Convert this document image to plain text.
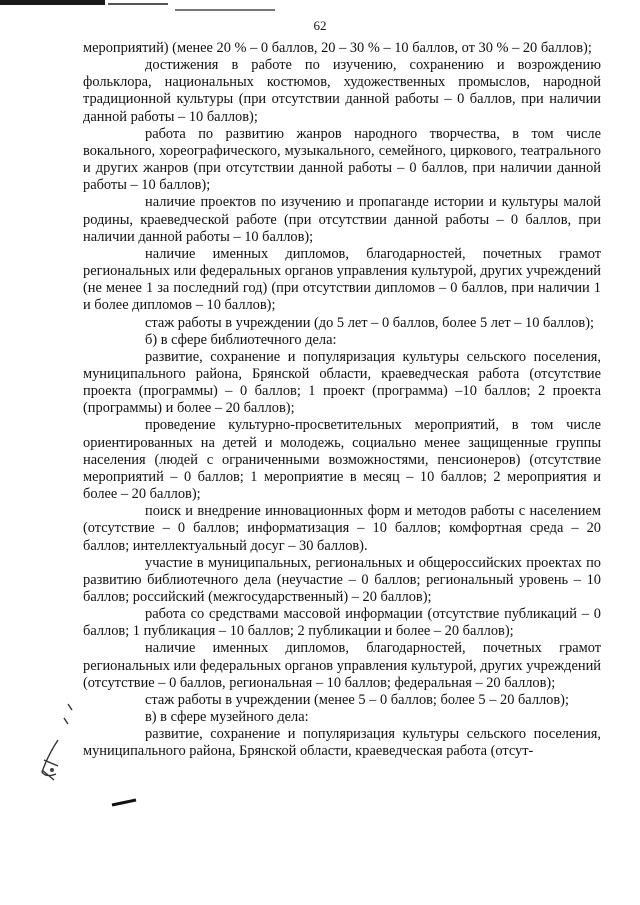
62

мероприятий) (менее 20 % – 0 баллов, 20 – 30 % – 10 баллов, от 30 % – 20 баллов);

достижения в работе по изучению, сохранению и возрождению фольклора, национальных костюмов, художественных промыслов, народной традиционной культуры (при отсутствии данной работы – 0 баллов, при наличии данной работы – 10 баллов);

работа по развитию жанров народного творчества, в том числе вокального, хореографического, музыкального, семейного, циркового, театрального и других жанров (при отсутствии данной работы – 0 баллов, при наличии данной работы – 10 баллов);

наличие проектов по изучению и пропаганде истории и культуры малой родины, краеведческой работе (при отсутствии данной работы – 0 баллов, при наличии данной работы – 10 баллов);

наличие именных дипломов, благодарностей, почетных грамот региональных или федеральных органов управления культурой, других учреждений (не менее 1 за последний год) (при отсутствии дипломов – 0 баллов, при наличии 1 и более дипломов – 10 баллов);

стаж работы в учреждении (до 5 лет – 0 баллов, более 5 лет – 10 баллов);

б) в сфере библиотечного дела:

развитие, сохранение и популяризация культуры сельского поселения, муниципального района, Брянской области, краеведческая работа (отсутствие проекта (программы) – 0 баллов; 1 проект (программа) –10 баллов; 2 проекта (программы) и более – 20 баллов);

проведение культурно-просветительных мероприятий, в том числе ориентированных на детей и молодежь, социально менее защищенные группы населения (людей с ограниченными возможностями, пенсионеров) (отсутствие мероприятий – 0 баллов; 1 мероприятие в месяц – 10 баллов; 2 мероприятия и более – 20 баллов);

поиск и внедрение инновационных форм и методов работы с населением (отсутствие – 0 баллов; информатизация – 10 баллов; комфортная среда – 20 баллов; интеллектуальный досуг – 30 баллов).

участие в муниципальных, региональных и общероссийских проектах по развитию библиотечного дела (неучастие – 0 баллов; региональный уровень – 10 баллов; российский (межгосударственный) – 20 баллов);

работа со средствами массовой информации (отсутствие публикаций – 0 баллов; 1 публикация – 10 баллов; 2 публикации и более – 20 баллов);

наличие именных дипломов, благодарностей, почетных грамот региональных или федеральных органов управления культурой, других учреждений (отсутствие – 0 баллов, региональная – 10 баллов; федеральная – 20 баллов);

стаж работы в учреждении (менее 5 – 0 баллов; более 5 – 20 баллов);

в) в сфере музейного дела:

развитие, сохранение и популяризация культуры сельского поселения, муниципального района, Брянской области, краеведческая работа (отсут-
